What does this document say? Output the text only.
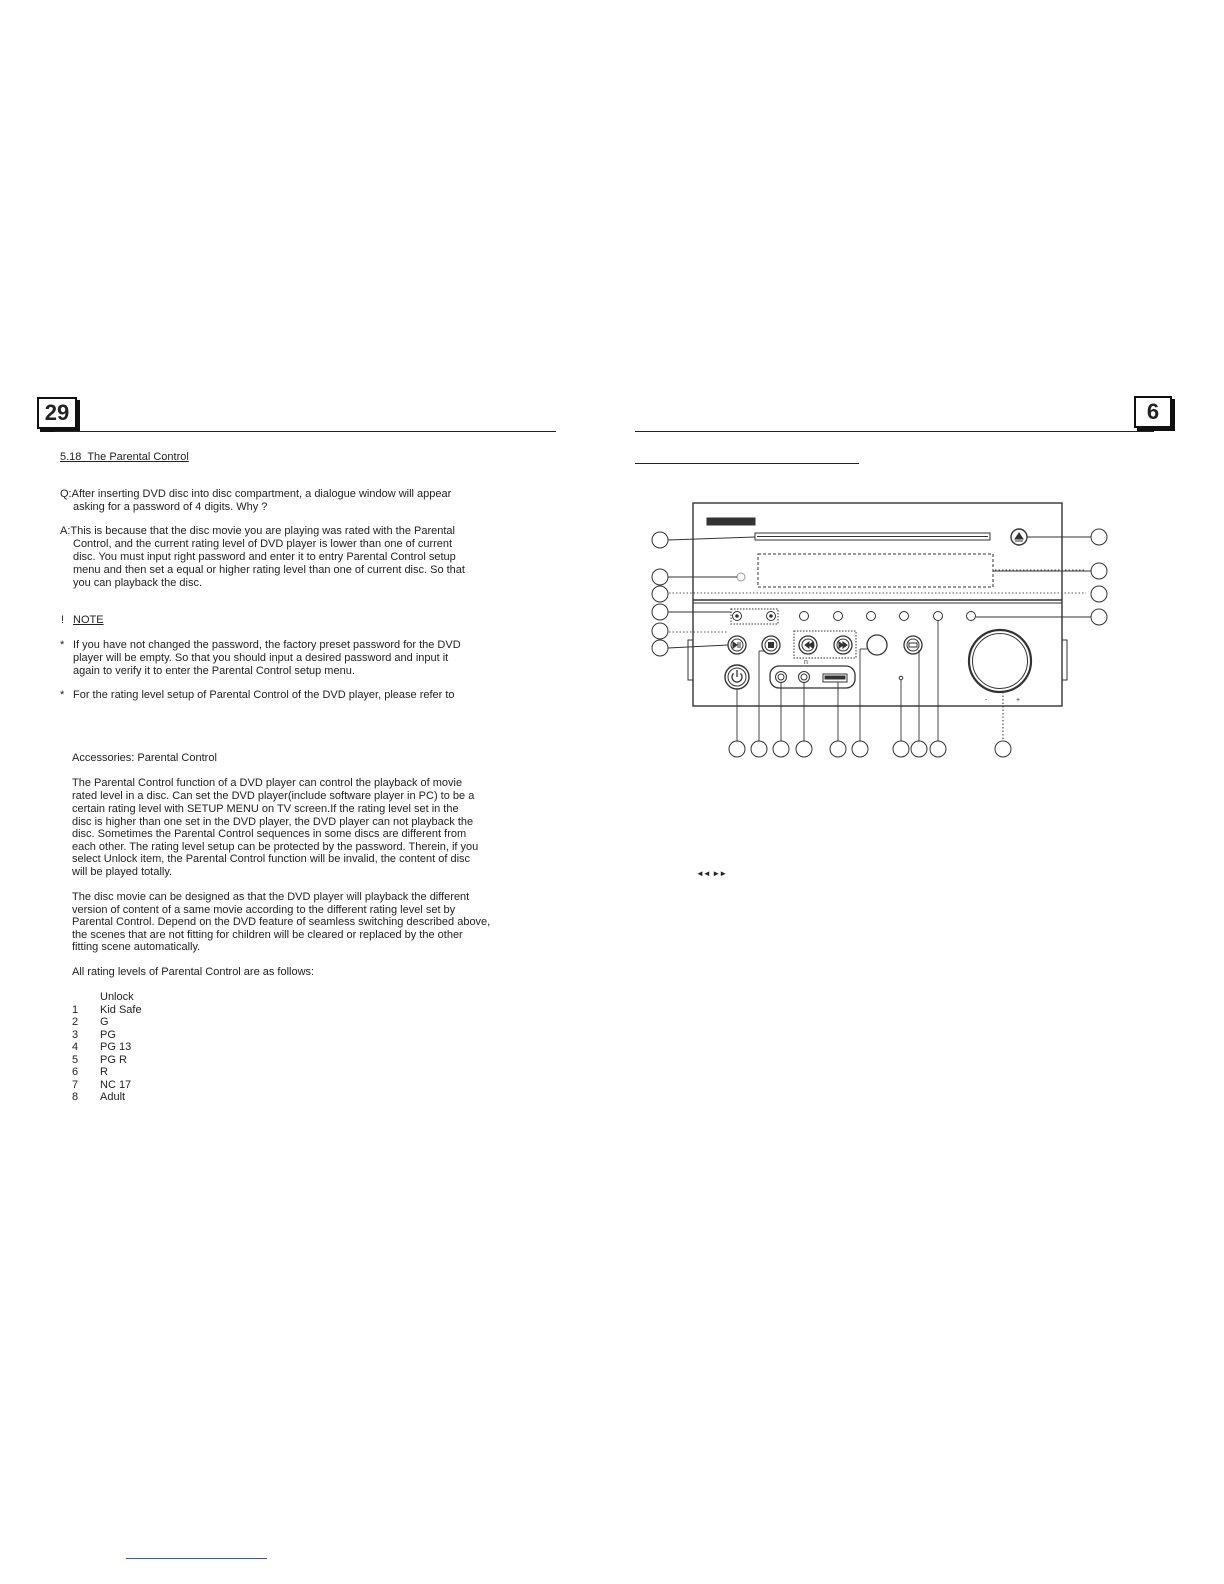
29
5.18  The Parental Control
Q:After inserting DVD disc into disc compartment, a dialogue window will appear
asking for a password of 4 digits. Why ?
A:This is because that the disc movie you are playing was rated with the Parental
Control, and the current rating level of DVD player is lower than one of current
disc. You must input right password and enter it to entry Parental Control setup
menu and then set a equal or higher rating level than one of current disc. So that
you can playback the disc.
! NOTE
* If you have not changed the password, the factory preset password for the DVD
player will be empty. So that you should input a desired password and input it
again to verify it to enter the Parental Control setup menu.
* For the rating level setup of Parental Control of the DVD player, please refer to
Accessories: Parental Control
The Parental Control function of a DVD player can control the playback of movie
rated level in a disc. Can set the DVD player(include software player in PC) to be a
certain rating level with SETUP MENU on TV screen.If the rating level set in the
disc is higher than one set in the DVD player, the DVD player can not playback the
disc. Sometimes the Parental Control sequences in some discs are different from
each other. The rating level setup can be protected by the password. Therein, if you
select Unlock item, the Parental Control function will be invalid, the content of disc
will be played totally.
The disc movie can be designed as that the DVD player will playback the different
version of content of a same movie according to the different rating level set by
Parental Control. Depend on the DVD feature of seamless switching described above,
the scenes that are not fitting for children will be cleared or replaced by the other
fitting scene automatically.
All rating levels of Parental Control are as follows:
Unlock
1 Kid Safe
2 G
3 PG
4 PG 13
5 PG R
6 R
7 NC 17
8 Adult
6
n
-	+
◄◄  ►►
